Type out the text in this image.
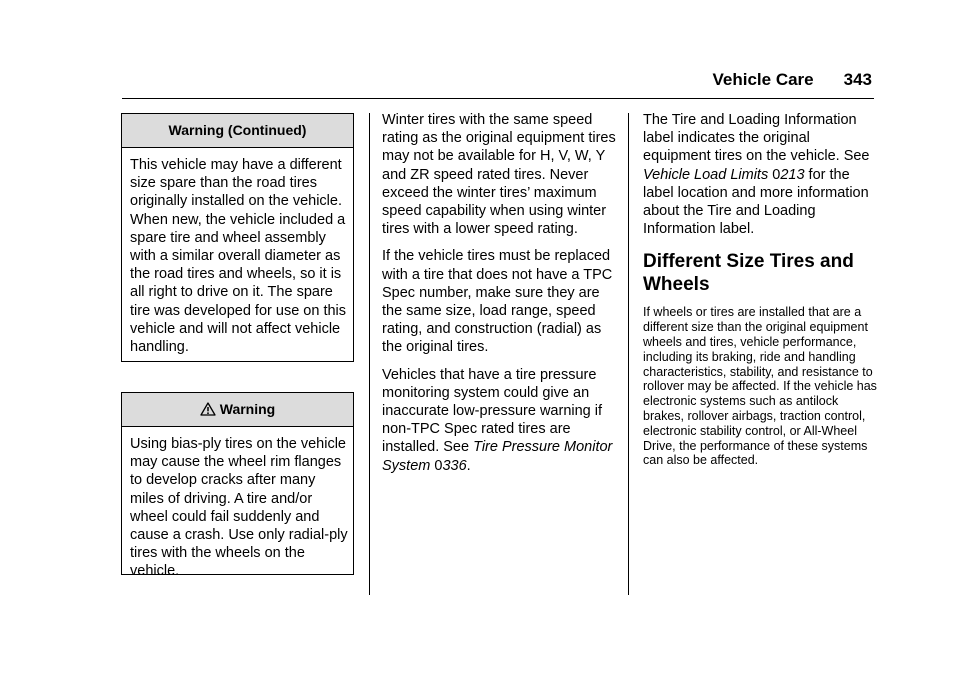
Vehicle Care 343
Warning (Continued)
This vehicle may have a different size spare than the road tires originally installed on the vehicle. When new, the vehicle included a spare tire and wheel assembly with a similar overall diameter as the road tires and wheels, so it is all right to drive on it. The spare tire was developed for use on this vehicle and will not affect vehicle handling.
Warning
Using bias-ply tires on the vehicle may cause the wheel rim flanges to develop cracks after many miles of driving. A tire and/or wheel could fail suddenly and cause a crash. Use only radial-ply tires with the wheels on the vehicle.

Winter tires with the same speed rating as the original equipment tires may not be available for H, V, W, Y and ZR speed rated tires. Never exceed the winter tires’ maximum speed capability when using winter tires with a lower speed rating.

If the vehicle tires must be replaced with a tire that does not have a TPC Spec number, make sure they are the same size, load range, speed rating, and construction (radial) as the original tires.

Vehicles that have a tire pressure monitoring system could give an inaccurate low-pressure warning if non-TPC Spec rated tires are installed. See Tire Pressure Monitor System 0336.

The Tire and Loading Information label indicates the original equipment tires on the vehicle. See Vehicle Load Limits 0213 for the label location and more information about the Tire and Loading Information label.

Different Size Tires and Wheels

If wheels or tires are installed that are a different size than the original equipment wheels and tires, vehicle performance, including its braking, ride and handling characteristics, stability, and resistance to rollover may be affected. If the vehicle has electronic systems such as antilock brakes, rollover airbags, traction control, electronic stability control, or All-Wheel Drive, the performance of these systems can also be affected.
